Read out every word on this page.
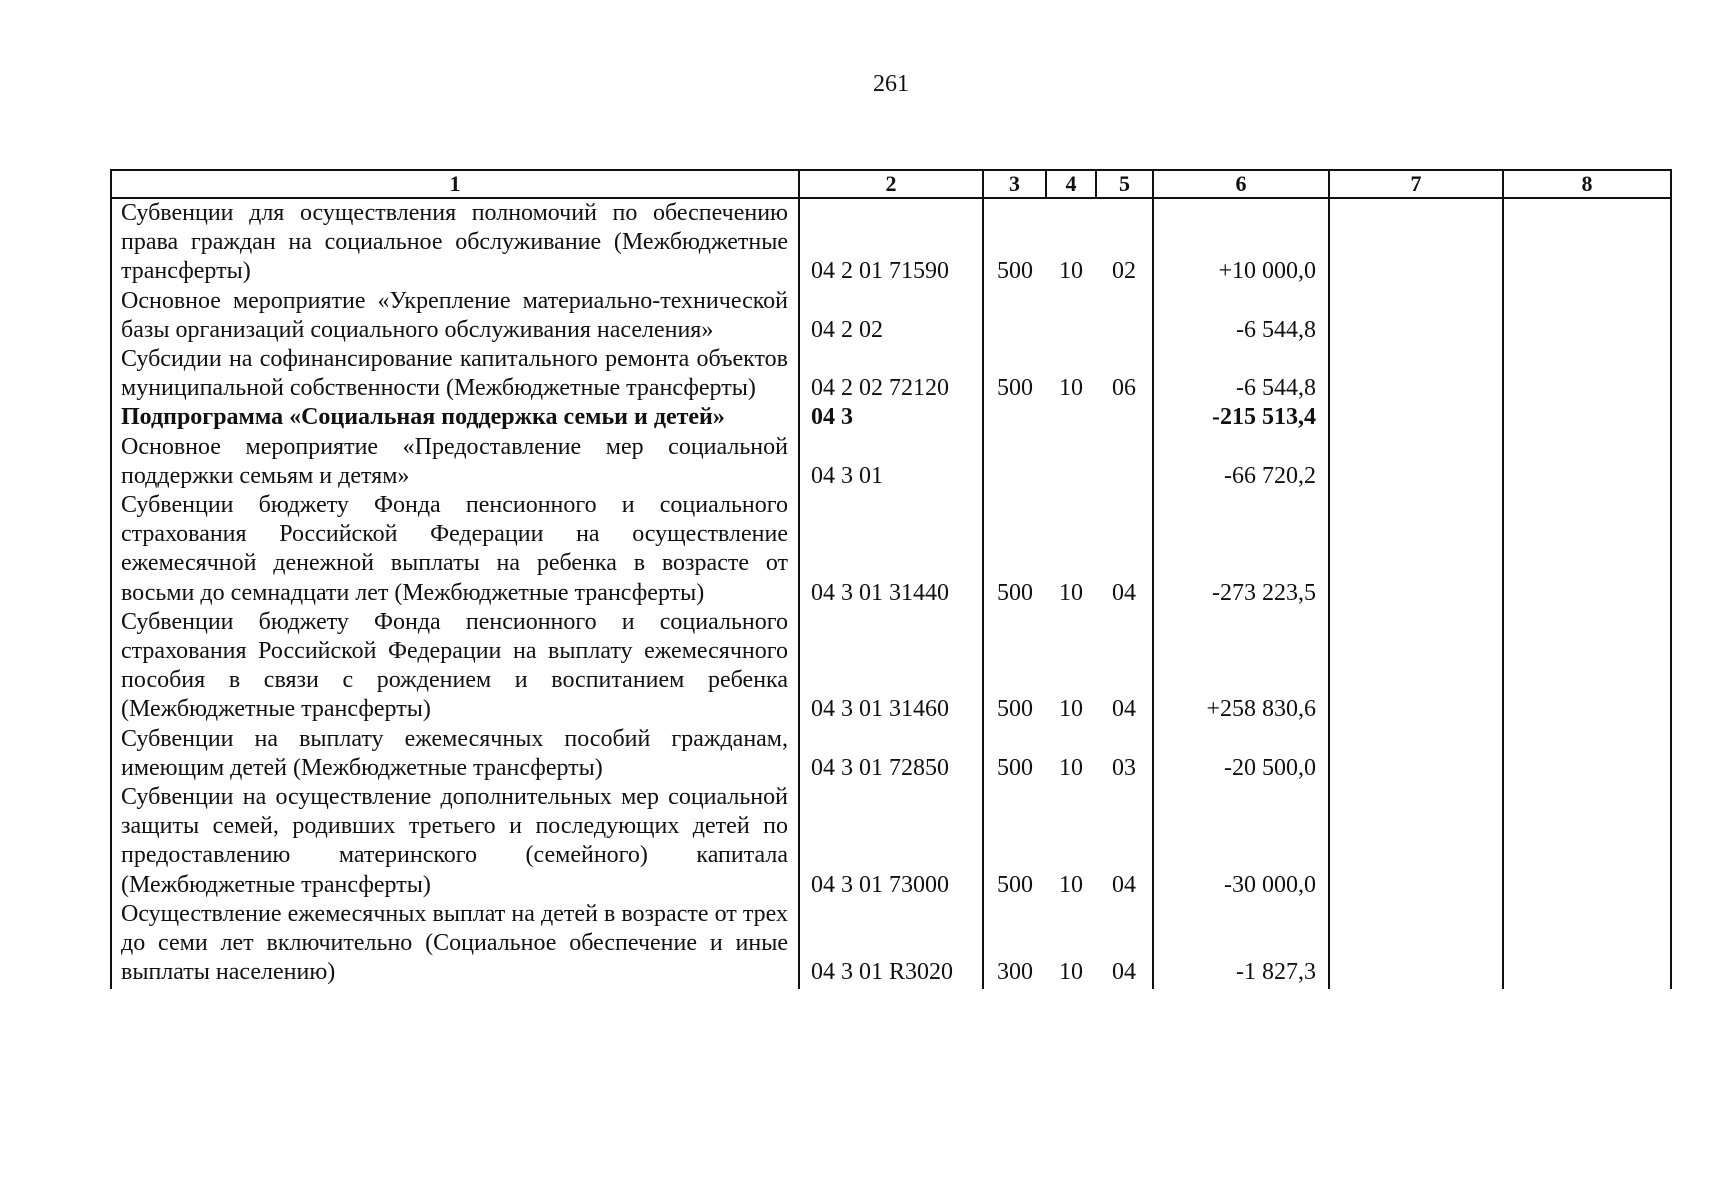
261
1	2	3	4	5	6	7	8
Субвенции для осуществления полномочий по обеспечению права граждан на социальное обслуживание (Межбюджетные трансферты)	04 2 01 71590	500	10	02	+10 000,0		
Основное мероприятие «Укрепление материально-технической базы организаций социального обслуживания населения»	04 2 02				-6 544,8		
Субсидии на софинансирование капитального ремонта объектов муниципальной собственности (Межбюджетные трансферты)	04 2 02 72120	500	10	06	-6 544,8		
Подпрограмма «Социальная поддержка семьи и детей»	04 3				-215 513,4		
Основное мероприятие «Предоставление мер социальной поддержки семьям и детям»	04 3 01				-66 720,2		
Субвенции бюджету Фонда пенсионного и социального страхования Российской Федерации на осуществление ежемесячной денежной выплаты на ребенка в возрасте от восьми до семнадцати лет (Межбюджетные трансферты)	04 3 01 31440	500	10	04	-273 223,5		
Субвенции бюджету Фонда пенсионного и социального страхования Российской Федерации на выплату ежемесячного пособия в связи с рождением и воспитанием ребенка (Межбюджетные трансферты)	04 3 01 31460	500	10	04	+258 830,6		
Субвенции на выплату ежемесячных пособий гражданам, имеющим детей (Межбюджетные трансферты)	04 3 01 72850	500	10	03	-20 500,0		
Субвенции на осуществление дополнительных мер социальной защиты семей, родивших третьего и последующих детей по предоставлению материнского (семейного) капитала (Межбюджетные трансферты)	04 3 01 73000	500	10	04	-30 000,0		
Осуществление ежемесячных выплат на детей в возрасте от трех до семи лет включительно (Социальное обеспечение и иные выплаты населению)	04 3 01 R3020	300	10	04	-1 827,3		
